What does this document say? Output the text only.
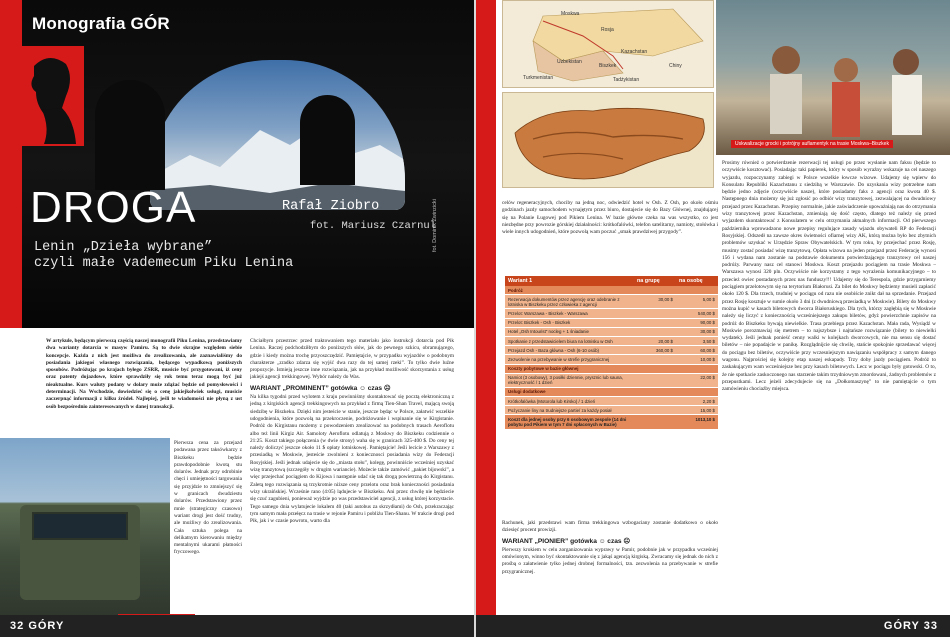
Monografia GÓR
DROGA	Rafał Ziobro
fot. Mariusz Czarnul
Lenin „Dzieła wybrane”
czyli małe vademecum Piku Lenina
fot. Dominik Zwinzicki

W artykule, będącym pierwszą częścią naszej monografii Piku Lenina, przedstawiamy dwa warianty dotarcia w masyw Pamiru. Są to dwie skrajne względem siebie koncepcje. Każda z nich jest możliwa do zrealizowania, ale zaznawialiśmy do posiadania jakiegoś własnego rozwiązania, będącego wypadkową poniższych sposobów. Podróżując po krajach byłego ZSRR, musicie być przygotowani, iż ceny oraz patenty dojazdowe, które sprawdziły się rok temu teraz mogą być już nieaktualne. Kurs waluty podany w dolary może zdążać będzie od pomysłowości i determinacji. Na Wschodzie, dowiedzieć się o cenę jakiejkolwiek usługi, musicie zaczerpnąć informacji z kilku źródeł. Najlepiej, jeśli te wiadomości nie płyną z ust osób bezpośrednio zainteresowanych w danej transakcji.

Pierwsza cena za przejazd podawana przez taksówkarzy z Biszkeku będzie prawdopodobnie kwotą stu dolarów. Jednak przy odrobinie chęci i umiejętności targowania się przyjdzie to zmniejszyć się w granicach dwudziestu dolarów. Przedstawiony przez mnie (strategiczny czasowo) wariant drogi jest dość trudny, ale możliwy do zrealizowania. Cała sztuka polega na delikatnym kierowaniu między mentalnymi ukarami płatności fryczowego.

Chciałbym przestrzec przed traktowaniem tego materiału jako instrukcji dotarcia pod Pik Lenina. Raczej podchodziłbym do poniższych słów, jak do pewnego szkicu, obramującego, gdzie i kiedy można trochę przyoszczędzić. Pamiętajcie, w przypadku wyjazdów o podobnym charakterze „zradko zdarza się wyjść dwa razy do tej samej rzeki”. To tylko dwie luźne propozycje. Istnieją jeszcze inne rozwiązania, jak na przykład możliwość skorzystania z usług jakiejś agencji trekkingowej. Wybór należy do Was.

WARIANT „PROMINENT” gotówka ☺ czas ☹

Na kilka tygodni przed wylotem z kraju powinniśmy skontaktować się pocztą elektroniczną z jedną z kirgiskich agencji trekkingowych na przykład z firmą Tien-Shan Travel, mającą swoją siedzibę w Biszkeku. Dzięki nim jesteście w stanie, jeszcze będąc w Polsce, załatwić wszelkie udogodnienia, które pozwolą na przekroczenie, podróżowanie i wspinanie się w Kirgistanie. Podróż do Kirgistanu możemy z powodzeniem zrealizować na podobnych trasach Aeroflotu albo też linii Kirgiz Air. Samoloty Aeroflotu odlatują z Moskwy do Biszkeku codziennie o 21:25. Koszt takiego połączenia (w dwie strony) waha się w granicach 325-400 $. Do ceny tej należy doliczyć jeszcze około 11 $ opłaty lotniskowej. Pamiętajcie! Jeśli lecicie z Warszawy z przesiadką w Moskwie, jesteście zwolnieni z koniecznosci posiadania wizy do Federacji Rosyjskiej. Jeśli jednak udajecie się do „miasta stołu”, kolegę, powinniście wcześniej uzyskać wizę tranzytową (szczegóły w drugim wariancie). Możecie także zamówić „pakiet bijowski”, a więc przejechać pociągiem do Kijowa i następnie udać się tak drogą powietrzną do Kirgistanu. Zaletą tego rozwiązania są trzykrotnie niższe ceny przelotu oraz brak konieczności posiadania wizy ukraińskiej. Wcześnie rano (4:05) lądujecie w Biszkeku. Ani przez chwilę nie będziecie się czuć zagubieni, ponieważ wyjdzie po was przedstawiciel agencji, z usług której korzystacie. Tego samego dnia wylatujecie lokalem 40 (taki autobus za skrzydłami) do Osh, przekraczając tym samym mała przełęcz na trasie w rejonie Pamiru i pobliżu Tien-Shanu. W trakcie drogi pod Pik, jak i w czasie powrotu, warto dla

32 GÓRY
Moskwa
Rosja
Kazachstan
Biszkek
Uzbekistan
Tadżykistan
Turkmenistan
Chiny
Uskwalizacje grocki i potrójny auflamentyk na trasie Moskwa–Biszkek
Wariant 1	na grupę	na osobę
Podróż		
Rezerwacja dokumentów przez agencję oraz odebranie z lotniska w Biszkeku przez człowieka z agencji	30,00 $	5,00 $
Przelot: Warszawa - Biszkek - Warszawa		540,00 $
Przelot: Biszkek - Osh - Biszkek		90,00 $
Hotel „Osh Intourist” nocleg + 1 śniadanie		30,00 $
Spotkanie z przedstawicielem biura na lotnisku w Osh	20,00 $	3,50 $
Przejazd Osh - Baza główna - Osh (6-10 osób)	360,00 $	60,00 $
Zezwolenie na przebywanie w strefie przygranicznej		10,00 $
Koszty pobytowe w bazie głównej		
Namiot (3 osobowy), 3 posiłki dziennie, prysznic lub sauna, elektryczność / 1 dzień		22,00 $
Usługi dodatkowe		
Krótkofalówka (Motorola lub Kirsko) / 1 dzień		2,20 $
Pożyczanie liny na trudniejsze partie/ za każdy posiał		15,00 $
Koszt dla jednej osoby przy 6 osobowym zespole (14 dni pobytu pod Pikiem w tym 7 dni spłaconych w Bazie)		1013,10 $

Rachunek, jaki przedstawi wam firma trekkingowa wzbogaciany zostanie dodatkowo o około dziesięć procent prowizji.

WARIANT „PIONIER” gotówka ☺ czas ☹

Pierwszy krokiem w celu zorganizowania wyprawy w Pamir, podobnie jak w przypadku wcześniej omówionym, winno być skontaktowanie się z jakąś agencją kirgiską. Zwracamy się jednak do nich z prośbą o załatwienie tylko jednej drobnej formalności, tzn. zezwolenia na przebywanie w strefie przygranicznej.

Prosimy również o potwierdzenie rezerwacji tej usługi po przez wysłanie nam faksu (będzie to oczywiście kosztować). Posiadając taki papierek, który w sposób wyraźny wskazuje na cel naszego wyjazdu, rozpoczynamy zabiegi w Polsce wszelkie łowcze wizowe. Udajemy się wpierw do Konsulatu Republiki Kazachstanu z siedzibą w Warszawie. Do uzyskania wizy potrzebne nam będzie jedno zdjęcie (oczywiście nasze), które posiadamy faks z agencji oraz kwota 40 $. Następnego dnia możemy się już zgłosić po odbiór wizy tranzytowej, zezwalającej na dwudniowy przejazd przez Kazachstan. Przepisy normalnie, jakie zaświadczenie upoważniają nas do otrzymania wizy tranzytowej przez Kazachstan, zmieniają się dość często, dlatego też należy się przed wyjazdem skontaktować z Konsulatem w celu otrzymania aktualnych informacji. Od pierwszego października wprowadzono nowe przepisy regulujące zasady wjazdu obywateli RP do Federacji Rosyjskiej. Odszedł na zawsze okres świetności ofiarnej wizy AK, którą można było bez zbytnich problemów uzyskać w Urzędzie Spraw Obywatelskich. W tym roku, by przejechać przez Rosję, musimy zostać posiadać wizę tranzytową. Opłata wizowa na jeden przejazd przez Federację wynosi 156 i wydana nam zostanie na podstawie dokumentu potwierdzającego tranzytowy cel naszej podróży. Parwany nasz cel stanowi Moskwa. Koszt przejazdu pociągiem na trasie Moskwa – Warszawa wynosi 320 pln. Oczywiście nie korzystamy z tego wyrażenia komunikacyjnego – to przecież owiec postadanych przez nas funduszy!!! Udajemy się do Terespola, gdzie przygarniemy pociągiem przelotowym się na terytorium Białorusi. Za bilet do Moskwy będziemy musieli zapłacić około 120 $. Dla trzech, trudniej w pociągu od razu nie osobiście znikt dał na sprzedanie. Przejazd przez Rosję kosztuje w sumie około 3 dni (z dwudniową przesiadką w Moskwie). Bilety do Moskwy można kupić w kasach biletowych dworca Białoruskiego. Dla tych, którzy zagłębią się w Moskwie należy się liczyć z koniecznością wcześniejszego zakupu biletów, gdyż powierzchnie zapisów na podróż do Biszkeku bywają niewielkie. Trasa przebiega przez Kazachstan. Mała rada, Wysiądź w Moskwie porozmawiaj się metrem – to najszybsze i najtańsze rozwiązanie (bilety to niewielki wydatek). Jeśli jednak ponieść cenny walki w kolejkach dworcowych, nie ma sensu się dostać biletów – nie popadajcie w panikę. Rozglądnijcie się chwilę, stańcie spokojnie sprzedawać więcej do pociągu bez biletów, oczywiście przy wczesniejszym nawiązaniu współpracy z samym danego wagonu. Najprościej się kolejny etap naszej eskapady. Trzy doby jazdy pociągiem. Podróż to zaskakującym wam wcześniejsze bez przy kasach biletowych. Lecz w pociągu były gotowski. O to, że nie spotkacie zaskoczonego nas starzenie takim trzydniowym zmordowani, żadnych problemów z przepustkami. Lecz jeżeli zdecydujecie się na „Dołkomaszynę” to nie pamiętajcie o tym zamówieniu chociażby miejsca.

GÓRY 33

celów regeneracyjnych, chociby na jedną noc, odwiedzić hotel w Osh. Z Osh, po około ośmiu godzinach jazdy samochodem wynajętym przez biuro, dostajecie się do Bazy Głównej, znajdującej się na Polanie Ługowej pod Pikiem Lenina. W bazie główne czeka na was wszystko, co jest niezbędne przy powrozie górskiej działalności: krótkofalówki, telefon satelitarny, namioty, stołówka i wiele innych udogodnień, które pozwolą wam poczuć „smak prawdziwej przygody”.
